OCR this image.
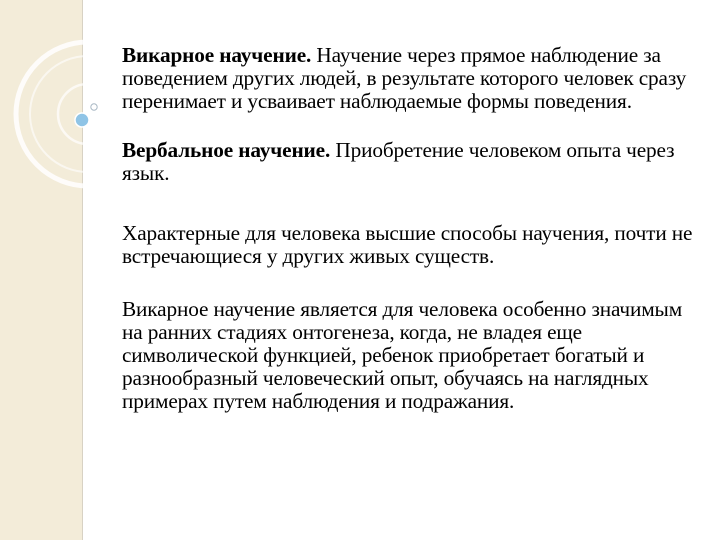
Викарное научение. Научение через прямое наблюдение за поведением других людей, в результате которого человек сразу перенимает и усваивает наблюдаемые формы поведения.

Вербальное научение. Приобретение человеком опыта через язык.

Характерные для человека высшие способы научения, почти не встречающиеся у других живых существ.

Викарное научение является для человека особенно значимым на ранних стадиях онтогенеза, когда, не владея еще символической функцией, ребенок приобретает богатый и разнообразный человеческий опыт, обучаясь на наглядных примерах путем наблюдения и подражания.
